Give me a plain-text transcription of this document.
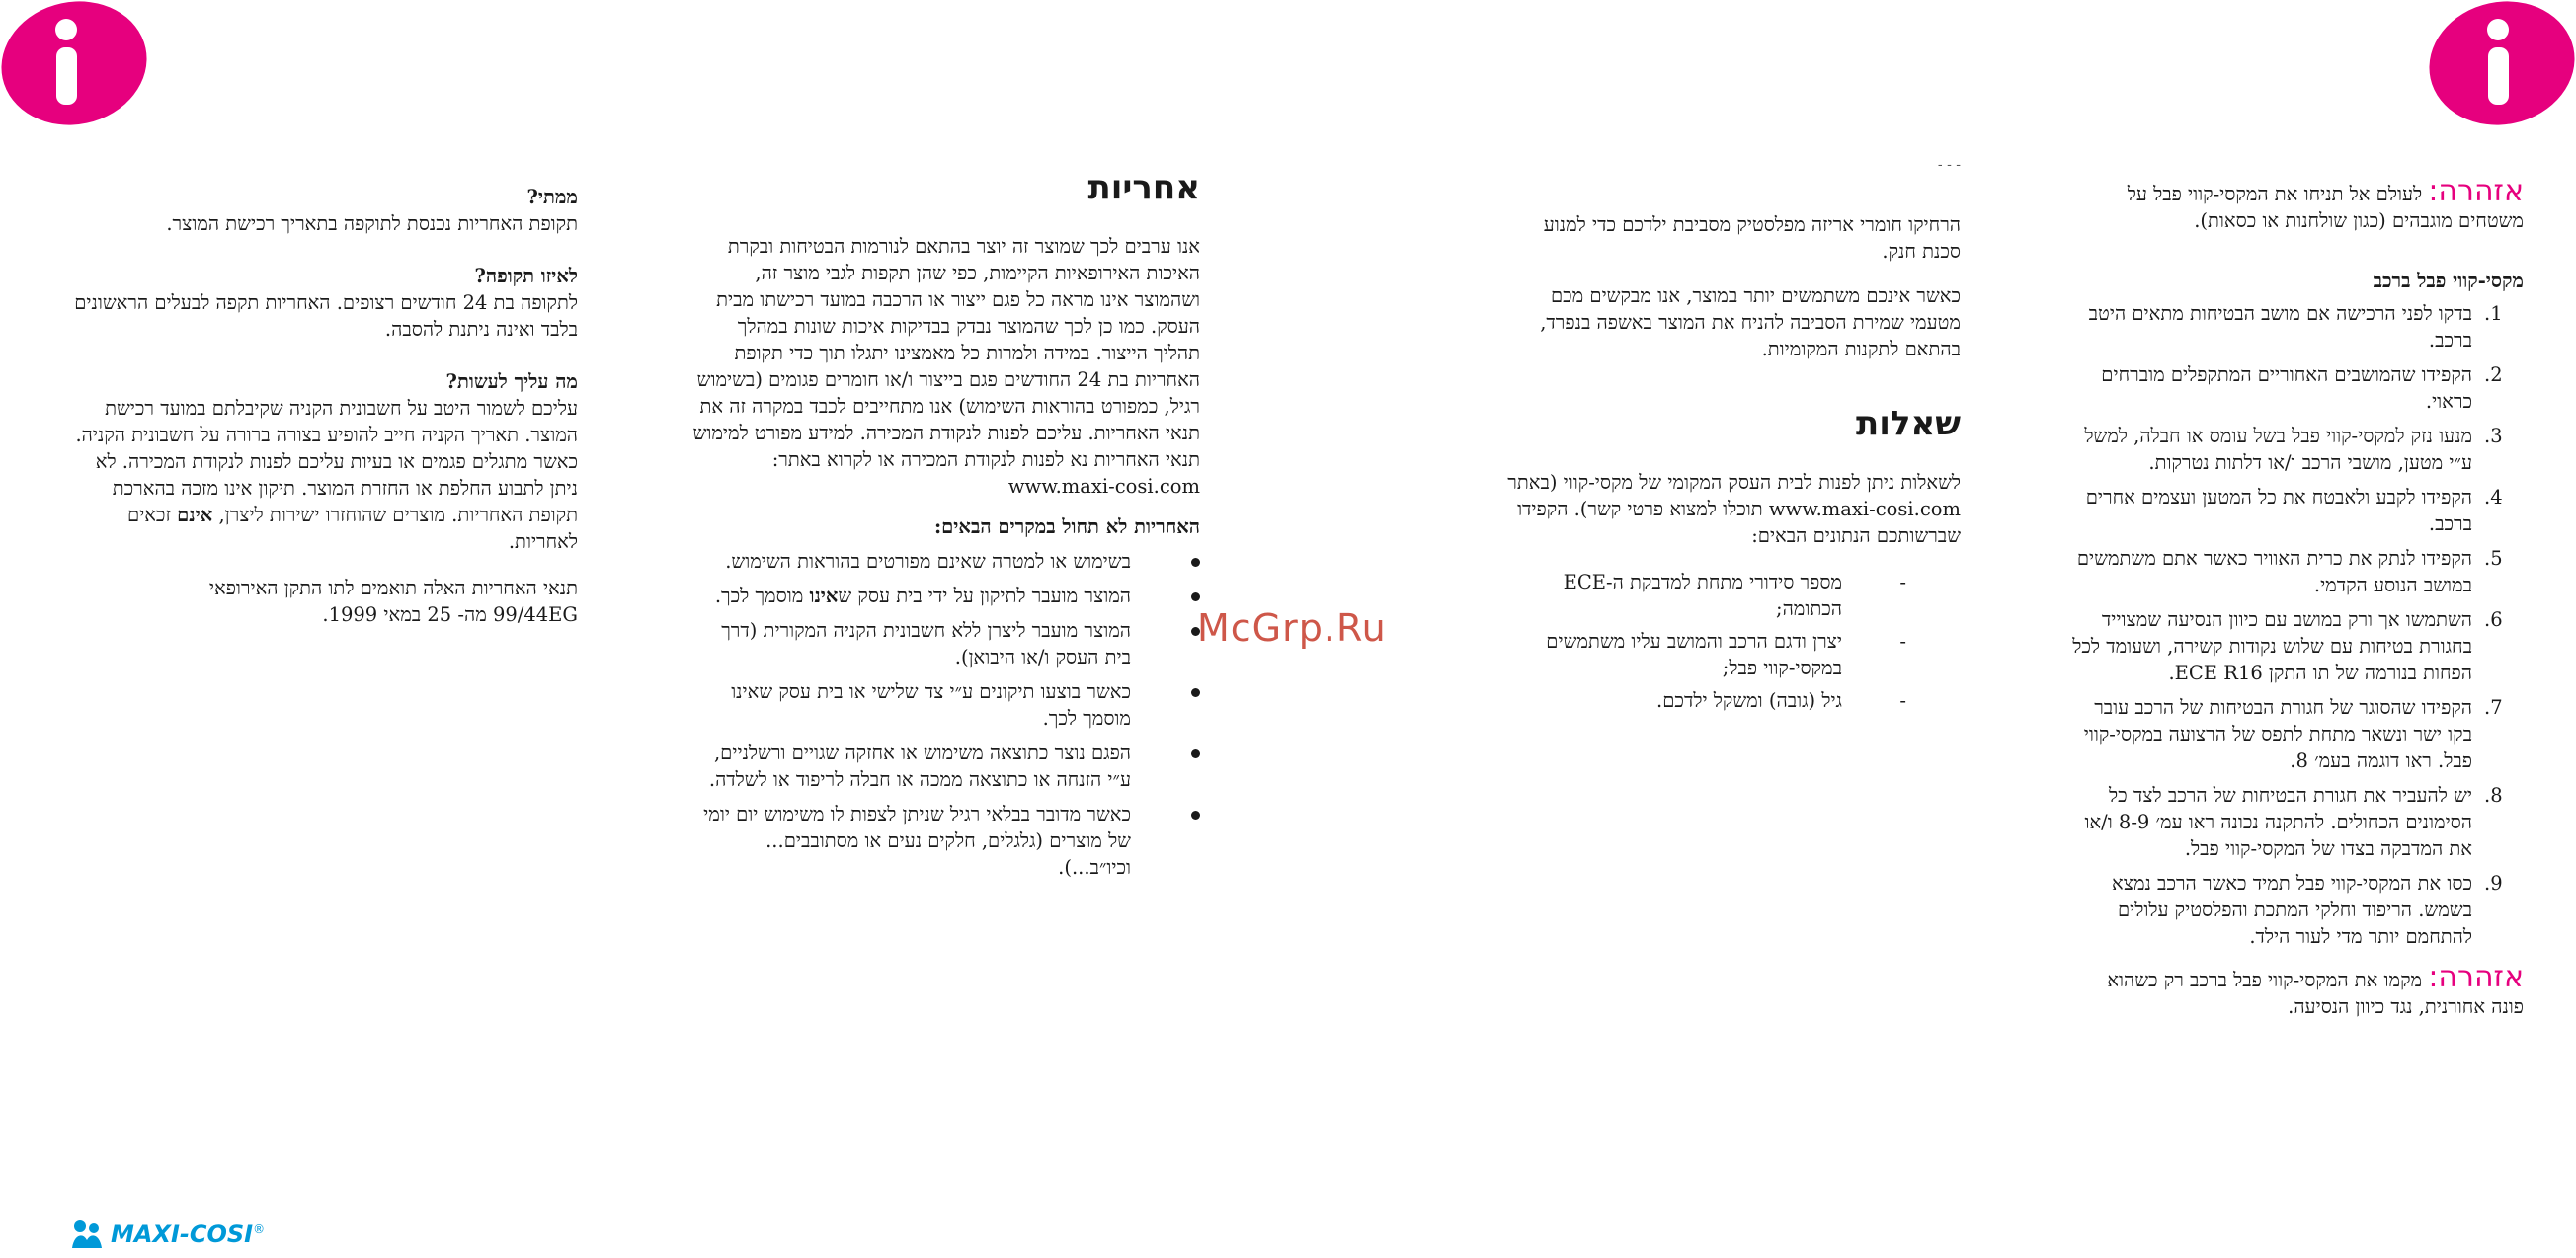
אזהרה: לעולם אל תניחו את המקסי-קווי פבל על משטחים מוגבהים (כגון שולחנות או כסאות).

מקסי-קווי פבל ברכב

.1
בדקו לפני הרכישה אם מושב הבטיחות מתאים היטב ברכב.
.2
הקפידו שהמושבים האחוריים המתקפלים מוברחים כראוי.
.3
מנעו נזק למקסי-קווי פבל בשל עומס או חבלה, למשל ע״י מטען, מושבי הרכב ו/או דלתות נטרקות.
.4
הקפידו לקבע ולאבטח את כל המטען ועצמים אחרים ברכב.
.5
הקפידו לנתק את כרית האוויר כאשר אתם משתמשים במושב הנוסע הקדמי.
.6
השתמשו אך ורק במושב עם כיוון הנסיעה שמצוייד בחגורת בטיחות עם שלוש נקודות קשירה, ושעומד לכל הפחות בנורמה של תו התקן ECE R16.
.7
הקפידו שהסוגר של חגורת הבטיחות של הרכב עובר בקו ישר ונשאר מתחת לתפס של הרצועה במקסי-קווי פבל. ראו דוגמה בעמ׳ 8.
.8
יש להעביר את חגורת הבטיחות של הרכב לצד כל הסימונים הכחולים. להתקנה נכונה ראו עמ׳ 8-9 ו/או את המדבקה בצדו של המקסי-קווי פבל.
.9
כסו את המקסי-קווי פבל תמיד כאשר הרכב נמצא בשמש. הריפוד וחלקי המתכת והפלסטיק עלולים להתחמם יותר מדי לעור הילד.

אזהרה: מקמו את המקסי-קווי פבל ברכב רק כשהוא פונה אחורנית, נגד כיוון הנסיעה.

- - -

הרחיקו חומרי אריזה מפלסטיק מסביבת ילדכם כדי למנוע סכנת חנק.

כאשר אינכם משתמשים יותר במוצר, אנו מבקשים מכם מטעמי שמירת הסביבה להניח את המוצר באשפה בנפרד, בהתאם לתקנות המקומיות.

שאלות

לשאלות ניתן לפנות לבית העסק המקומי של מקסי-קווי (באתר www.maxi-cosi.com תוכלו למצוא פרטי קשר). הקפידו שברשותכם הנתונים הבאים:

-
מספר סידורי מתחת למדבקת ה-ECE הכתומה;
-
יצרן ודגם הרכב והמושב עליו משתמשים במקסי-קווי פבל;
-
גיל (גובה) ומשקל ילדכם.
אחריות

אנו ערבים לכך שמוצר זה יוצר בהתאם לנורמות הבטיחות ובקרת האיכות האירופאיות הקיימות, כפי שהן תקפות לגבי מוצר זה, ושהמוצר אינו מראה כל פגם ייצור או הרכבה במועד רכישתו מבית העסק. כמו כן לכך שהמוצר נבדק בבדיקות איכות שונות במהלך תהליך הייצור. במידה ולמרות כל מאמצינו יתגלו תוך כדי תקופת האחריות בת 24 החודשים פגם בייצור ו/או חומרים פגומים (בשימוש רגיל, כמפורט בהוראות השימוש) אנו מתחייבים לכבד במקרה זה את תנאי האחריות. עליכם לפנות לנקודת המכירה. למידע מפורט למימוש תנאי האחריות נא לפנות לנקודת המכירה או לקרוא באתר: www.maxi-cosi.com

האחריות לא תחול במקרים הבאים:

בשימוש או למטרה שאינם מפורטים בהוראות השימוש.
המוצר מועבר לתיקון על ידי בית עסק שאינו מוסמך לכך.
המוצר מועבר ליצרן ללא חשבונית הקניה המקורית (דרך בית העסק ו/או היבואן).
כאשר בוצעו תיקונים ע״י צד שלישי או בית עסק שאינו מוסמך לכך.
הפגם נוצר כתוצאה משימוש או אחזקה שגויים ורשלניים, ע״י הזנחה או כתוצאה ממכה או חבלה לריפוד או לשלדה.
כאשר מדובר בבלאי רגיל שניתן לצפות לו משימוש יום יומי של מוצרים (גלגלים, חלקים נעים או מסתובבים... וכיו״ב...).

ממתי?

תקופת האחריות נכנסת לתוקפה בתאריך רכישת המוצר.

לאיזו תקופה?

לתקופה בת 24 חודשים רצופים. האחריות תקפה לבעלים הראשונים בלבד ואינה ניתנת להסבה.

מה עליך לעשות?

עליכם לשמור היטב על חשבונית הקניה שקיבלתם במועד רכישת המוצר. תאריך הקניה חייב להופיע בצורה ברורה על חשבונית הקניה. כאשר מתגלים פגמים או בעיות עליכם לפנות לנקודת המכירה. לא ניתן לתבוע החלפת או החזרת המוצר. תיקון אינו מזכה בהארכת תקופת האחריות. מוצרים שהוחזרו ישירות ליצרן, אינם זכאים לאחריות.

תנאי האחריות האלה תואמים לתו התקן האירופאי 99/44EG מה- 25 במאי 1999.	McGrp.Ru
MAXI-COSI ®
